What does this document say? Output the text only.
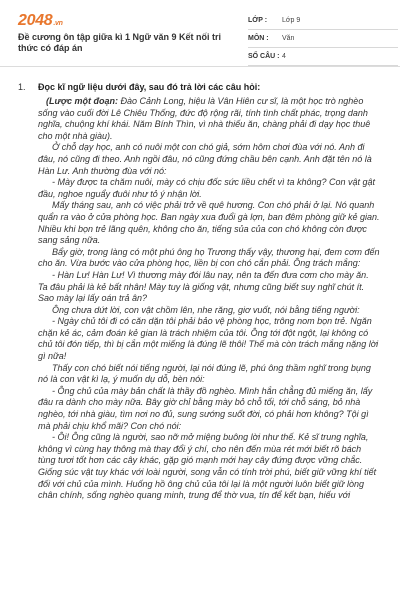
2048.vn
Đề cương ôn tập giữa kì 1 Ngữ văn 9 Kết nối tri thức có đáp án
LỚP :	Lớp 9
MÔN :	Văn
SỐ CÂU : 4
1. Đọc kĩ ngữ liệu dưới đây, sau đó trả lời các câu hỏi:

(Lược một đoạn: Đào Cảnh Long, hiệu là Vân Hiên cư sĩ, là một học trò nghèo sống vào cuối đời Lê Chiêu Thống, đức độ rộng rãi, tính tình chất phác, trọng danh nghĩa, chuộng khí khái. Năm Bính Thìn, vì nhà thiếu ăn, chàng phải đi dạy học thuê cho một nhà giàu).

Ở chỗ dạy học, anh có nuôi một con chó giả, sớm hôm chơi đùa với nó. Anh đi đâu, nó cũng đi theo. Anh ngồi đâu, nó cũng đứng chầu bên cạnh. Anh đặt tên nó là Hàn Lư. Anh thường đùa với nó:

- Mày được ta chăm nuôi, mày có chịu đốc sức liều chết vì ta không? Con vật gật đầu, nghoe nguẩy đuôi như tỏ ý nhận lời.

Mấy tháng sau, anh có việc phải trở về quê hương. Con chó phải ở lại. Nó quanh quẩn ra vào ở cửa phòng học. Ban ngày xua đuổi gà lợn, ban đêm phòng giữ kẻ gian. Nhiều khi bọn trẻ lãng quên, không cho ăn, tiếng sủa của con chó không còn được sang sảng nữa.

Bẩy giờ, trong làng có một phú ông họ Trương thấy vậy, thương hại, đem cơm đến cho ăn. Vừa bước vào cửa phòng học, liền bị con chó cắn phải. Ông trách mắng:

- Hàn Lư! Hàn Lư! Vì thương mày đói lâu nay, nên ta đến đưa cơm cho mày ăn. Ta đâu phải là kẻ bất nhân! Mày tuy là giống vật, nhưng cũng biết suy nghĩ chút ít. Sao mày lại lấy oán trả ân?

Ông chưa dứt lời, con vật chồm lên, nhe răng, giơ vuốt, nói bằng tiếng người:

- Ngày chủ tôi đi có căn dặn tôi phải bảo vệ phòng học, trông nom bọn trẻ. Ngăn chặn kẻ ác, cảm đoán kẻ gian là trách nhiệm của tôi. Ông tới đột ngột, lại không có chủ tôi đón tiếp, thì bị cắn một miếng là đúng lẽ thôi! Thế mà còn trách mắng nặng lời gì nữa!

Thấy con chó biết nói tiếng người, lại nói đúng lẽ, phú ông thầm nghĩ trong bụng nó là con vật kì lạ, ý muốn dụ dỗ, bèn nói:

- Ông chủ của mày bản chất là thầy đồ nghèo. Mình hắn chẳng đủ miếng ăn, lấy đâu ra dành cho mày nữa. Bây giờ chỉ bằng mày bỏ chỗ tối, tới chỗ sáng, bỏ nhà nghèo, tới nhà giàu, tìm nơi no đủ, sung sướng suốt đời, có phải hơn không? Tội gì mà phải chịu khổ mãi? Con chó nói:

- Ôi! Ông cũng là người, sao nỡ mở miệng buông lời như thế. Kẻ sĩ trung nghĩa, không vì cùng hay thông mà thay đổi ý chí, cho nên đến mùa rét mới biết rõ bách tùng tươi tốt hơn các cây khác, gặp gió mạnh mới hay cây đứng được vững chắc. Giống súc vật tuy khác với loài người, song vẫn có tính trời phú, biết giữ vững khí tiết đối với chủ của mình. Huống hồ ông chủ của tôi lại là một người luôn biết giữ lòng chân chính, sống nghèo quang minh, trung để thờ vua, tín để kết bạn, hiếu với
